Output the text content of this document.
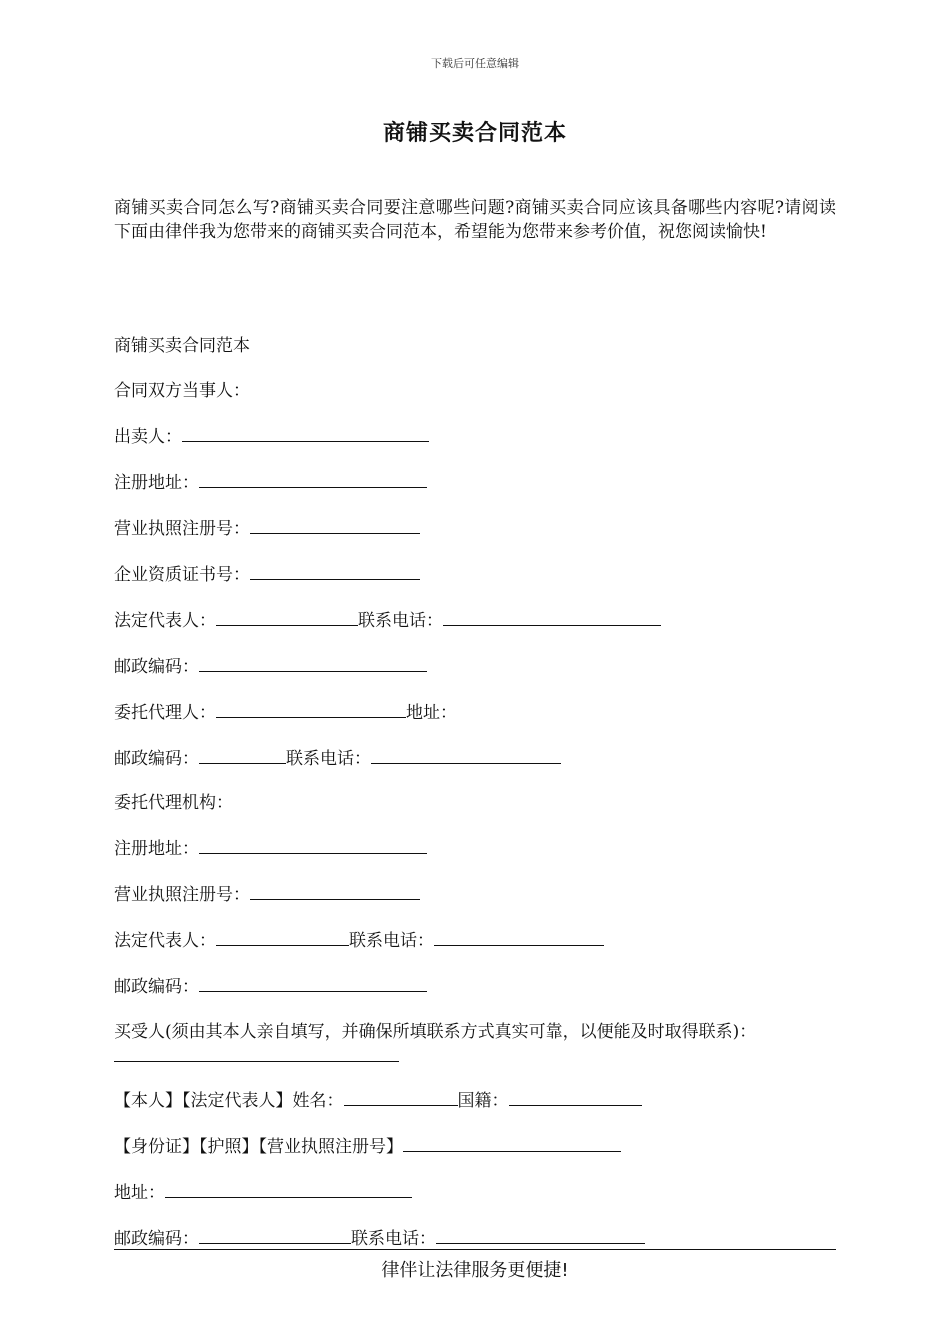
下载后可任意编辑
商铺买卖合同范本
商铺买卖合同怎么写?商铺买卖合同要注意哪些问题?商铺买卖合同应该具备哪些内容呢?请阅读下面由律伴我为您带来的商铺买卖合同范本，希望能为您带来参考价值，祝您阅读愉快!
商铺买卖合同范本
合同双方当事人：
出卖人：
注册地址：
营业执照注册号：
企业资质证书号：
法定代表人：	联系电话：
邮政编码：
委托代理人：	地址：
邮政编码：	联系电话：
委托代理机构：
注册地址：
营业执照注册号：
法定代表人：	联系电话：
邮政编码：
买受人(须由其本人亲自填写，并确保所填联系方式真实可靠，以便能及时取得联系)：
【本人】【法定代表人】姓名：	国籍：
【身份证】【护照】【营业执照注册号】
地址：
邮政编码：	联系电话：
律伴让法律服务更便捷!
